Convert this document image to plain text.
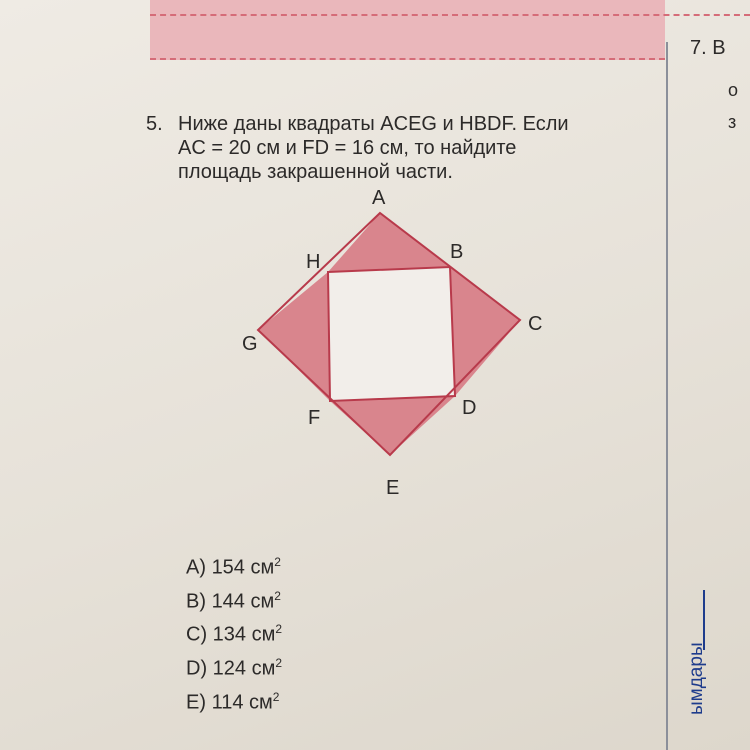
5. Ниже даны квадраты ACEG и HBDF. Если
AC = 20 см и FD = 16 см, то найдите
площадь закрашенной части.
A
H	B
C
G
F	D
E
A) 154 $см^2$
B) 144 $см^2$
C) 134 $см^2$
D) 124 $см^2$
E) 114 $см^2$
7. В
о
з
ымдары
